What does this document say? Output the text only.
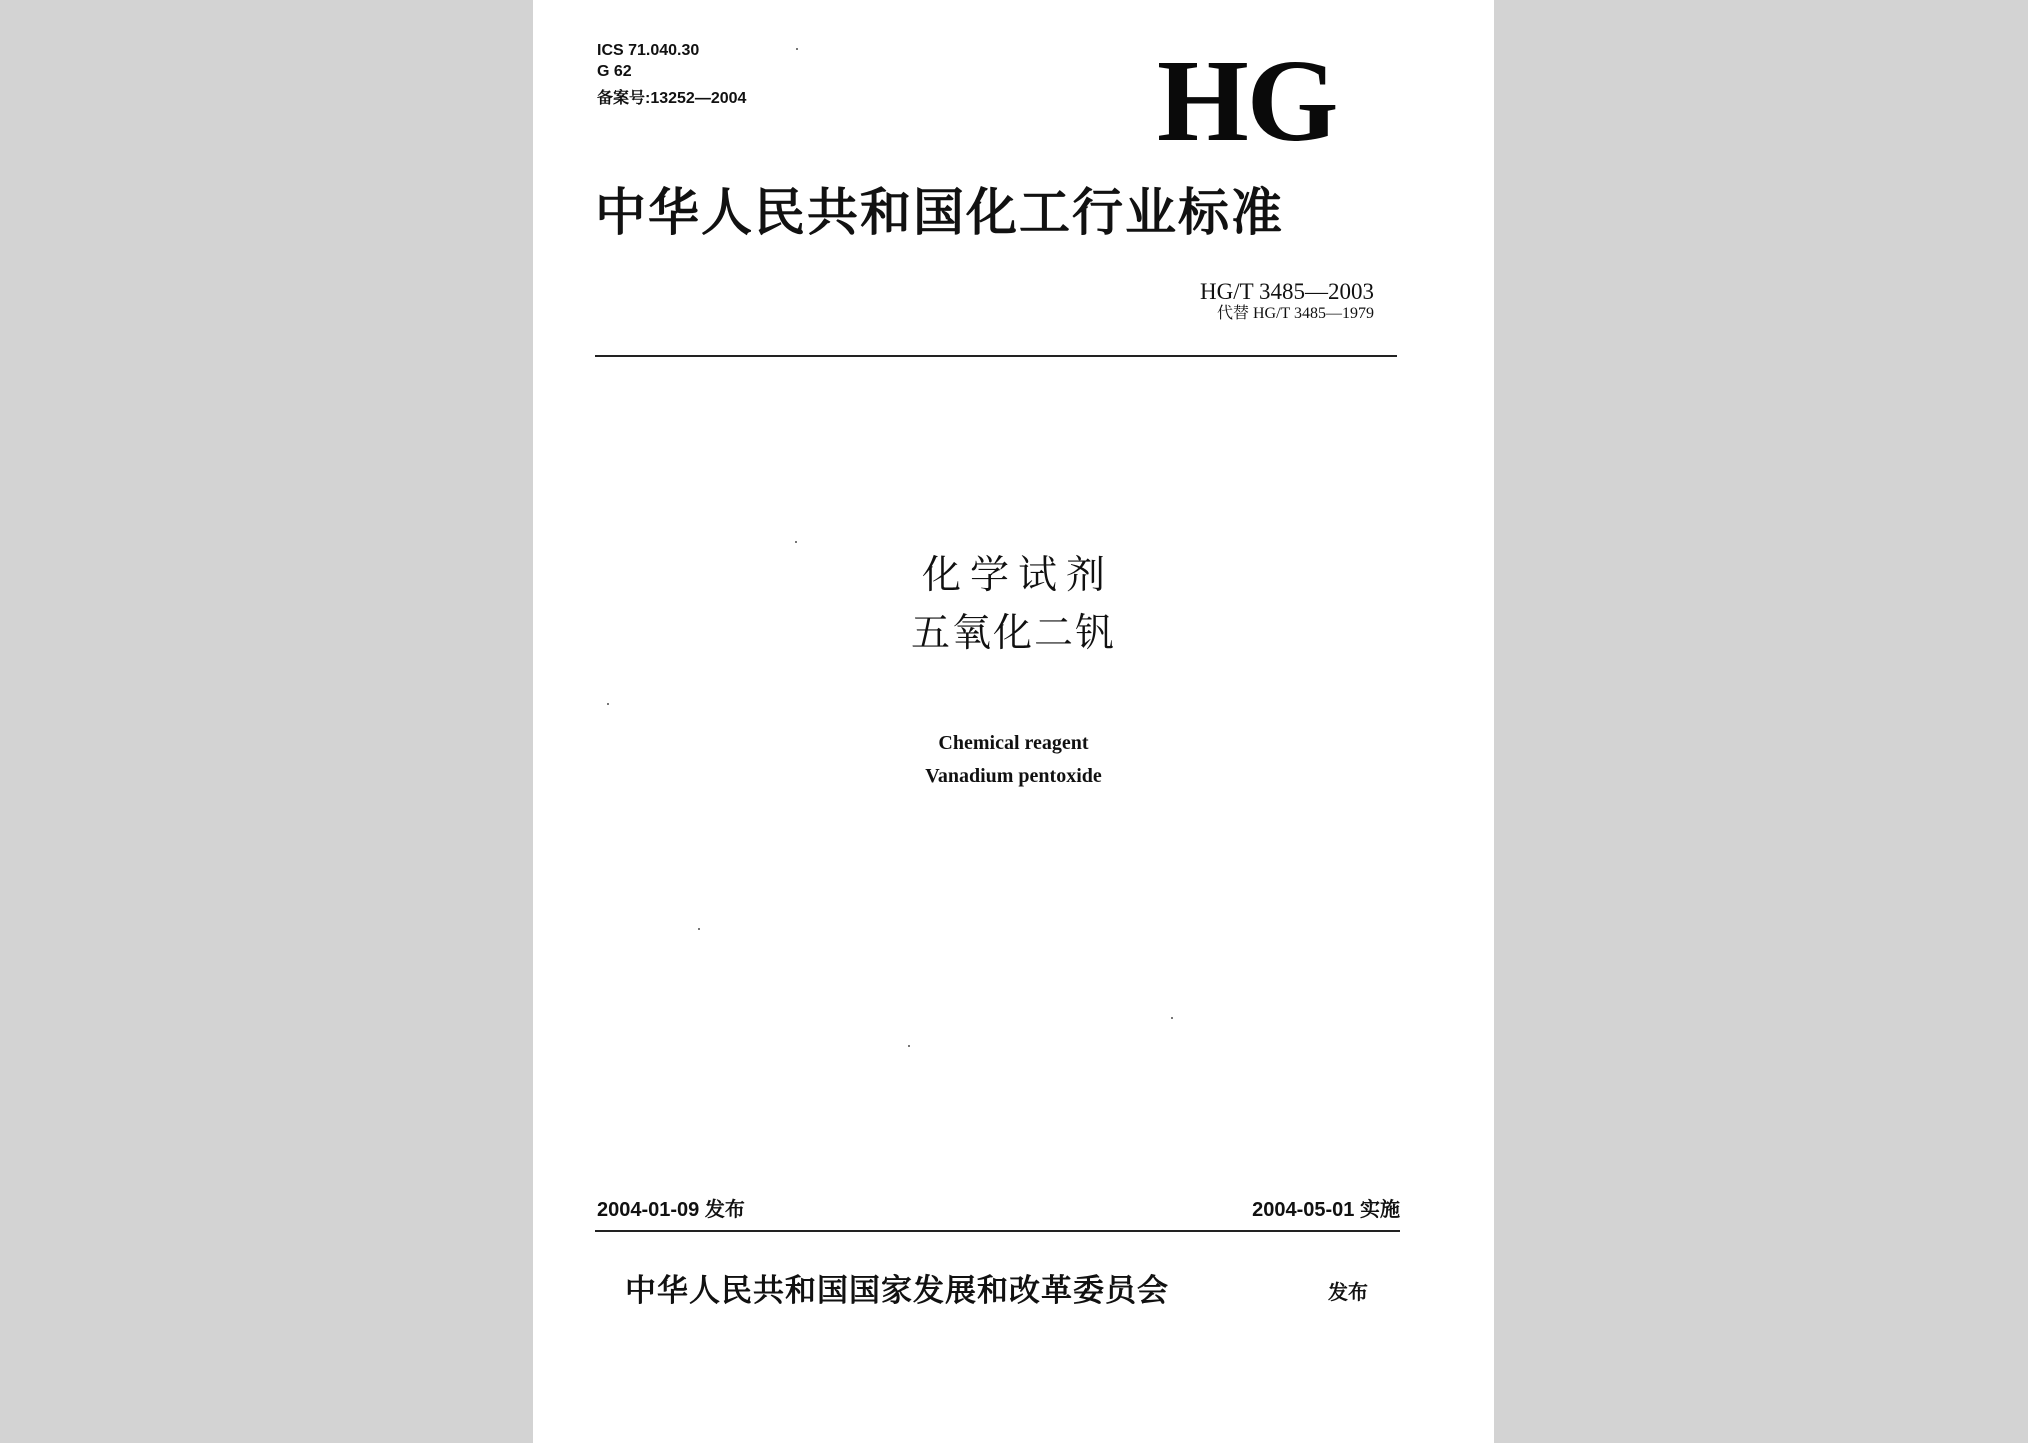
ICS 71.040.30
G 62
备案号:13252—2004	HG
中华人民共和国化工行业标准
HG/T 3485—2003
代替 HG/T 3485—1979
化学试剂
五氧化二钒
Chemical reagent
Vanadium pentoxide
2004-01-09 发布	2004-05-01 实施
中华人民共和国国家发展和改革委员会	发布
